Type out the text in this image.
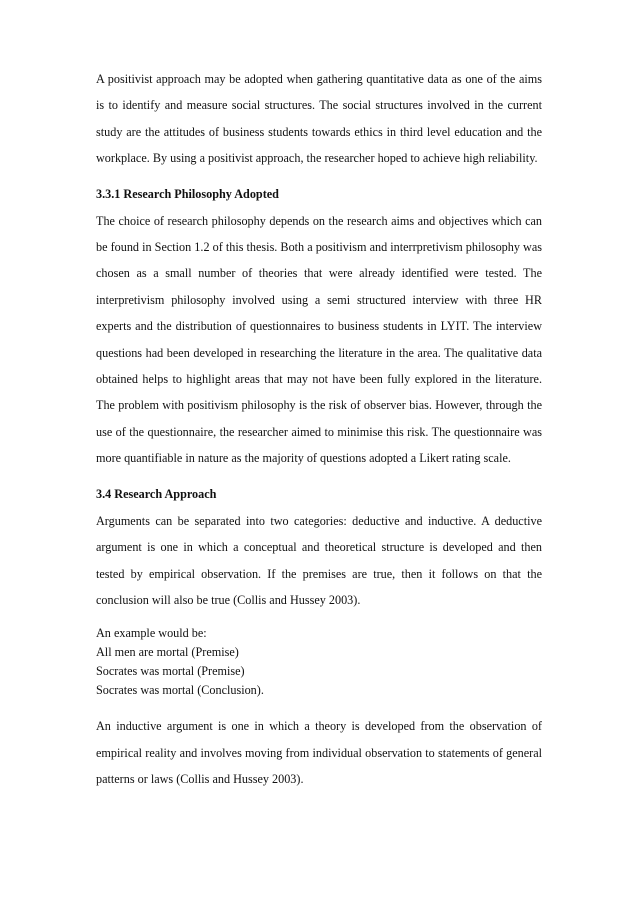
A positivist approach may be adopted when gathering quantitative data as one of the aims is to identify and measure social structures. The social structures involved in the current study are the attitudes of business students towards ethics in third level education and the workplace. By using a positivist approach, the researcher hoped to achieve high reliability.

3.3.1 Research Philosophy Adopted

The choice of research philosophy depends on the research aims and objectives which can be found in Section 1.2 of this thesis. Both a positivism and interrpretivism philosophy was chosen as a small number of theories that were already identified were tested. The interpretivism philosophy involved using a semi structured interview with three HR experts and the distribution of questionnaires to business students in LYIT. The interview questions had been developed in researching the literature in the area. The qualitative data obtained helps to highlight areas that may not have been fully explored in the literature. The problem with positivism philosophy is the risk of observer bias. However, through the use of the questionnaire, the researcher aimed to minimise this risk. The questionnaire was more quantifiable in nature as the majority of questions adopted a Likert rating scale.

3.4 Research Approach

Arguments can be separated into two categories: deductive and inductive. A deductive argument is one in which a conceptual and theoretical structure is developed and then tested by empirical observation. If the premises are true, then it follows on that the conclusion will also be true (Collis and Hussey 2003).

An example would be:
All men are mortal (Premise)
Socrates was mortal (Premise)
Socrates was mortal (Conclusion).

An inductive argument is one in which a theory is developed from the observation of empirical reality and involves moving from individual observation to statements of general patterns or laws (Collis and Hussey 2003).
